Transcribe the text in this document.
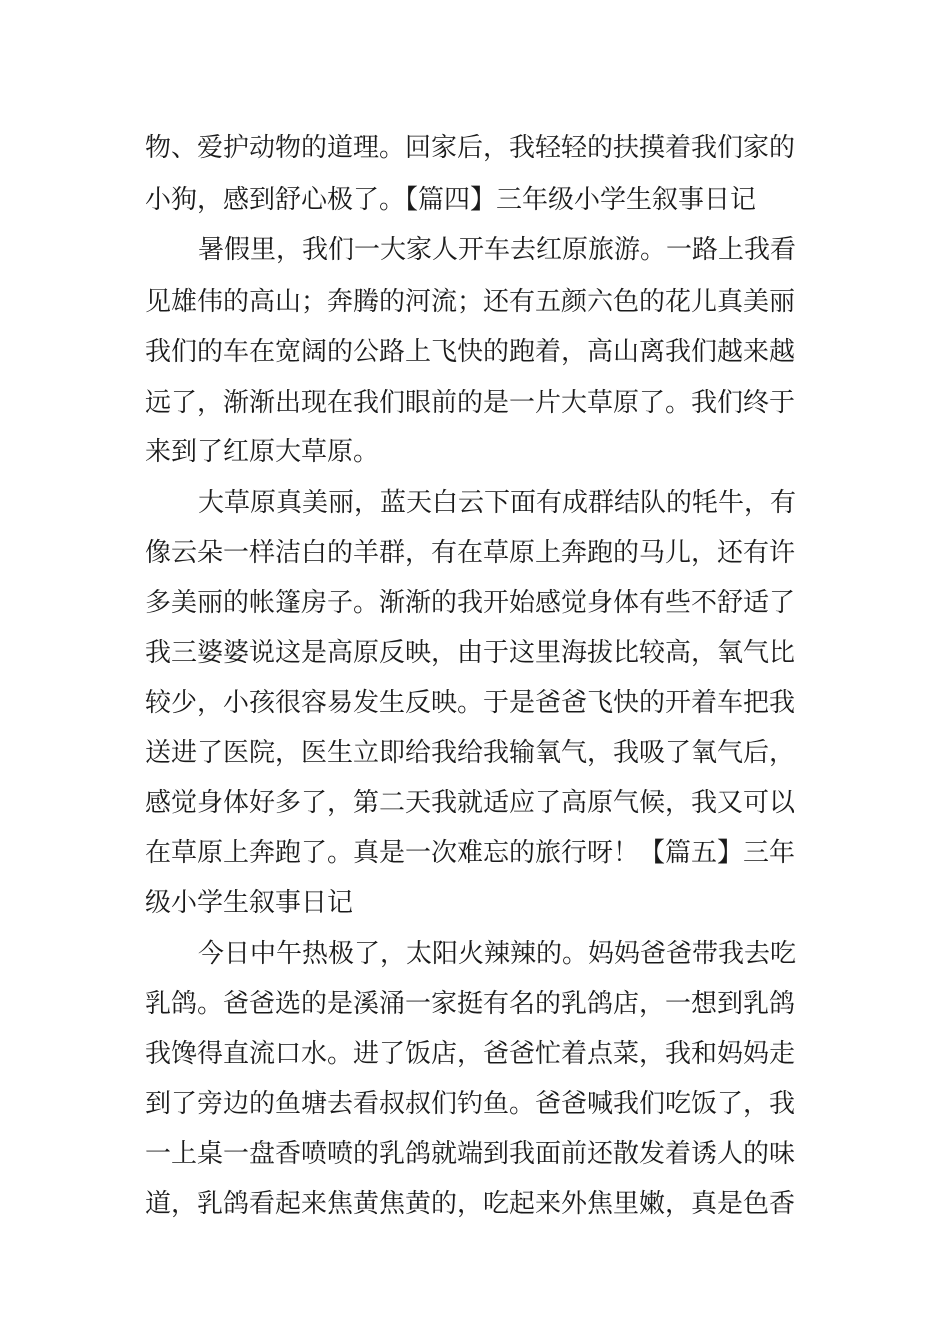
物、爱护动物的道理。回家后，我轻轻的扶摸着我们家的
小狗，感到舒心极了。【篇四】三年级小学生叙事日记
暑假里，我们一大家人开车去红原旅游。一路上我看
见雄伟的高山；奔腾的河流；还有五颜六色的花儿真美丽
我们的车在宽阔的公路上飞快的跑着，高山离我们越来越
远了，渐渐出现在我们眼前的是一片大草原了。我们终于
来到了红原大草原。
大草原真美丽，蓝天白云下面有成群结队的牦牛，有
像云朵一样洁白的羊群，有在草原上奔跑的马儿，还有许
多美丽的帐篷房子。渐渐的我开始感觉身体有些不舒适了
我三婆婆说这是高原反映，由于这里海拔比较高，氧气比
较少，小孩很容易发生反映。于是爸爸飞快的开着车把我
送进了医院，医生立即给我给我输氧气，我吸了氧气后，
感觉身体好多了，第二天我就适应了高原气候，我又可以
在草原上奔跑了。真是一次难忘的旅行呀！【篇五】三年
级小学生叙事日记
今日中午热极了，太阳火辣辣的。妈妈爸爸带我去吃
乳鸽。爸爸选的是溪涌一家挺有名的乳鸽店，一想到乳鸽
我馋得直流口水。进了饭店，爸爸忙着点菜，我和妈妈走
到了旁边的鱼塘去看叔叔们钓鱼。爸爸喊我们吃饭了，我
一上桌一盘香喷喷的乳鸽就端到我面前还散发着诱人的味
道，乳鸽看起来焦黄焦黄的，吃起来外焦里嫩，真是色香
